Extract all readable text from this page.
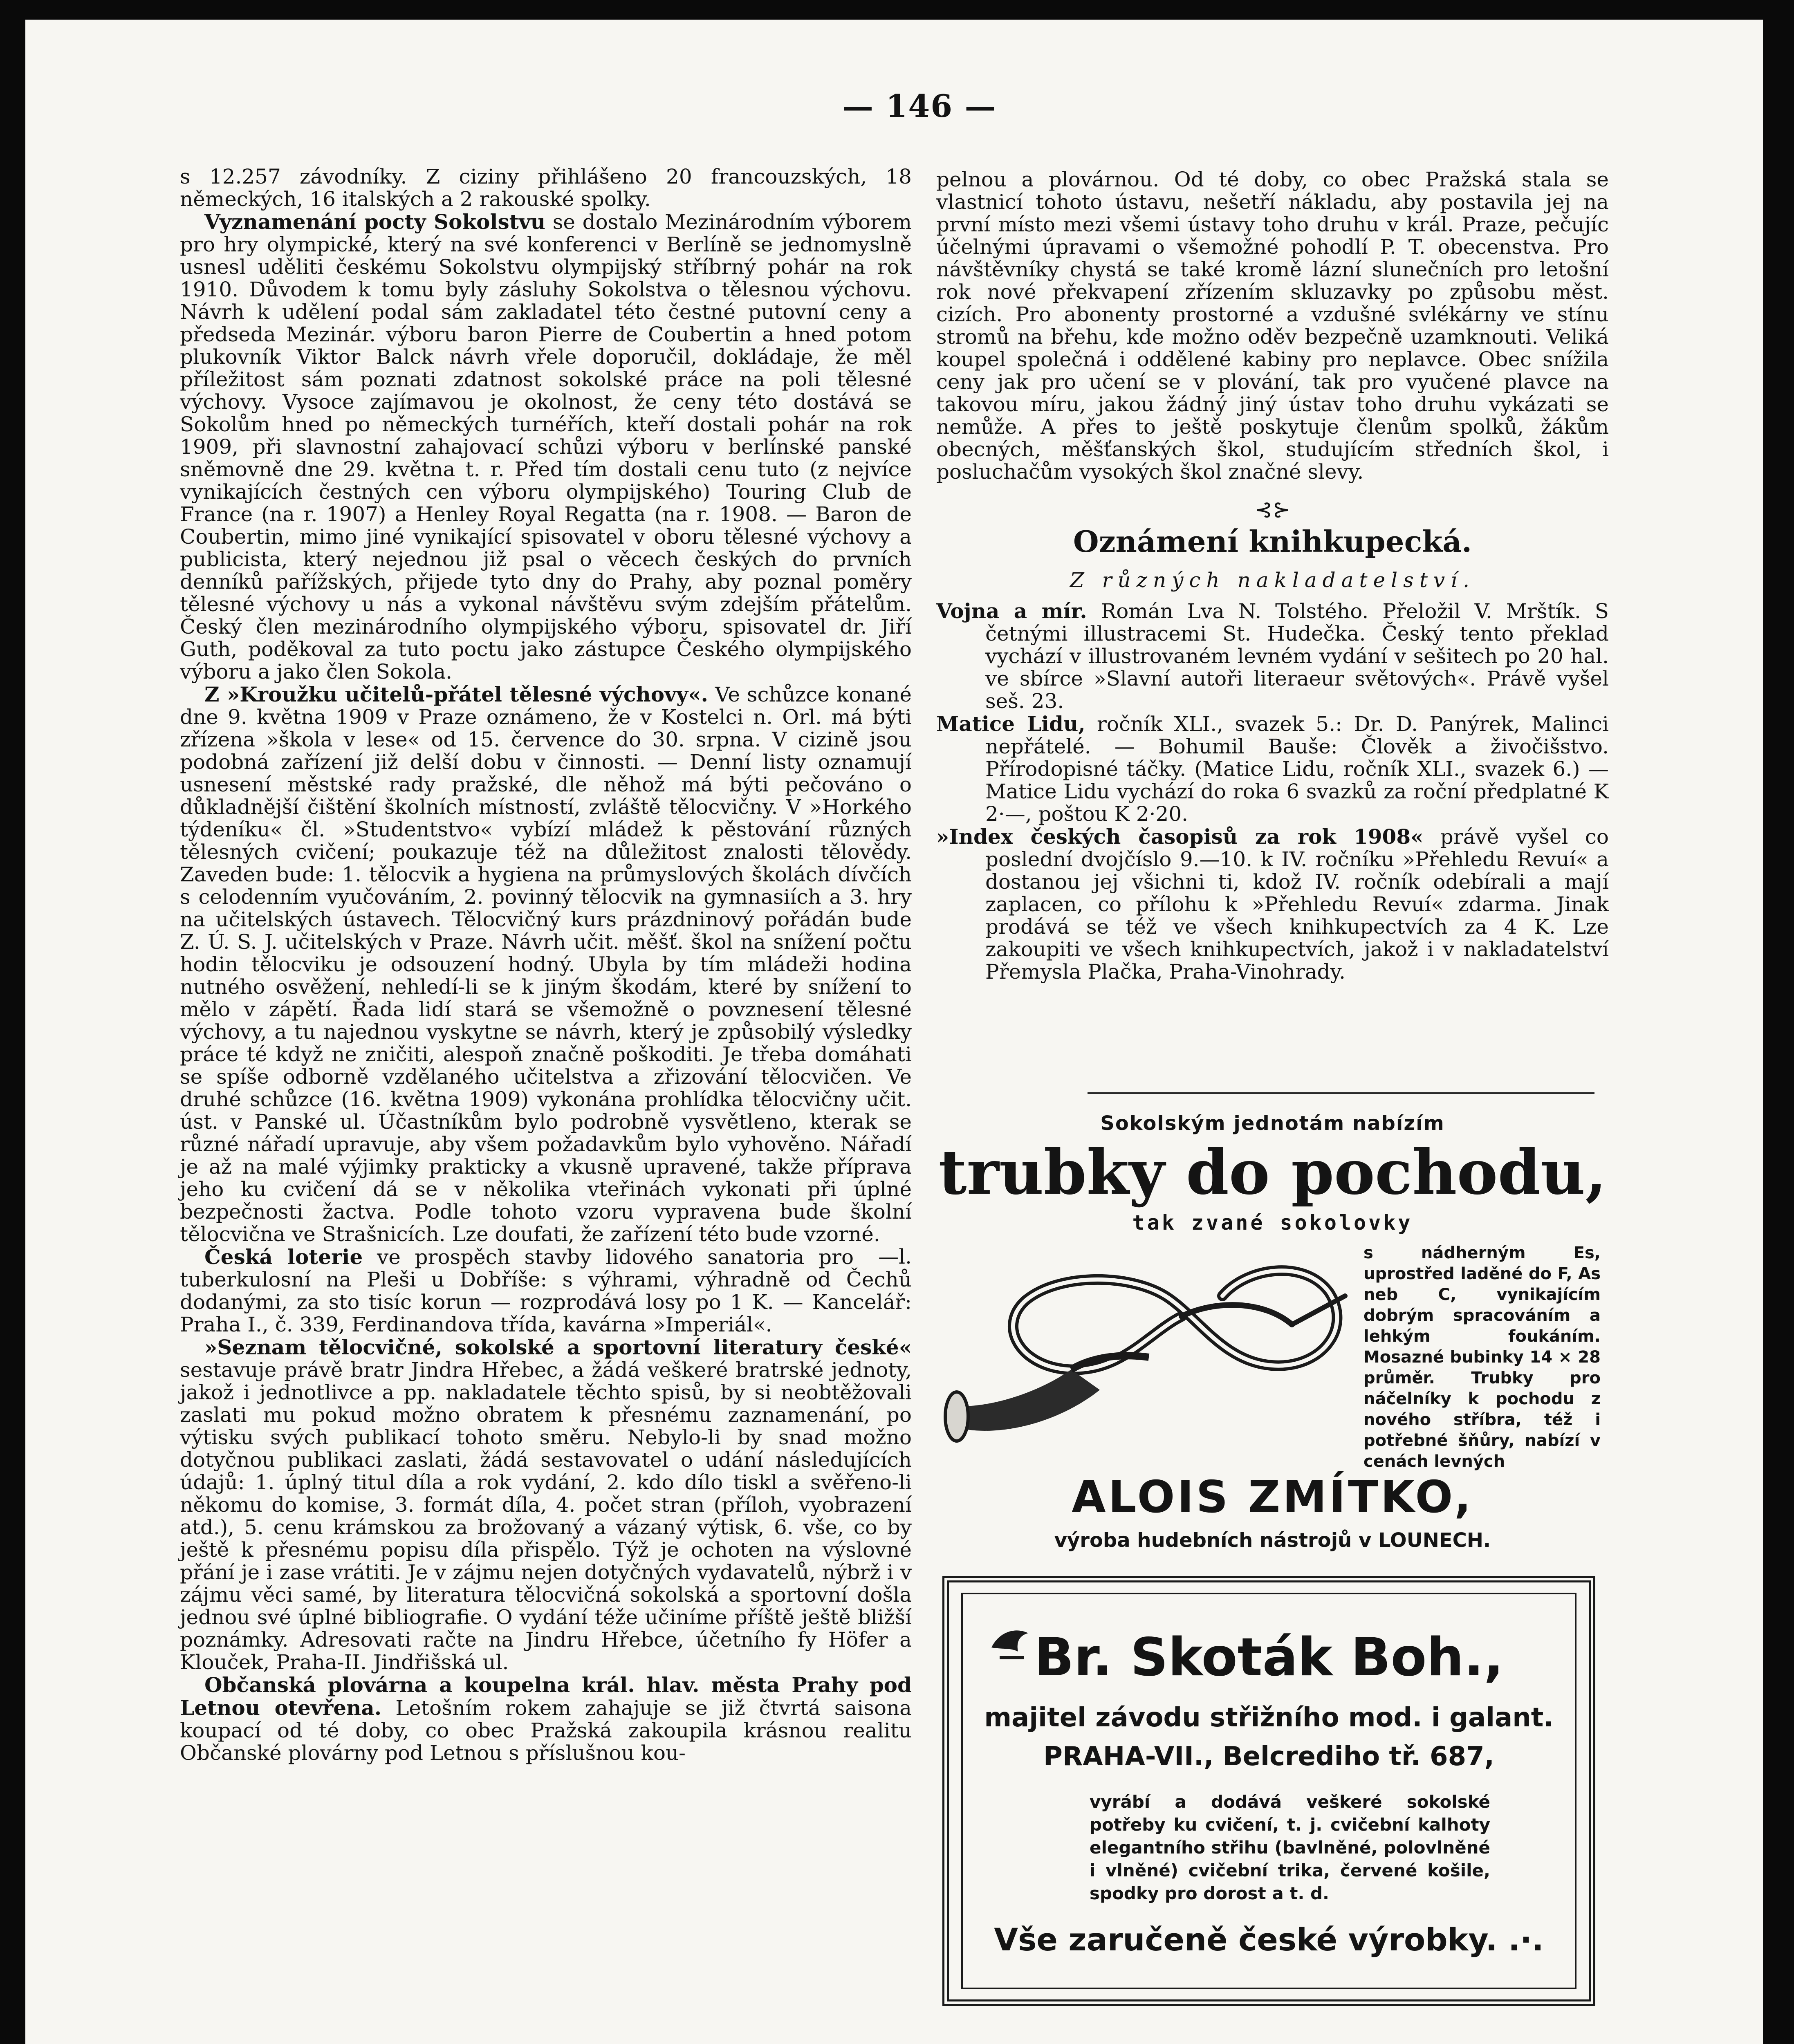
— 146 —

s 12.257 závodníky. Z ciziny přihlášeno 20 francouzských, 18 německých, 16 italských a 2 rakouské spolky.

Vyznamenání pocty Sokolstvu se dostalo Mezinárodním výborem pro hry olympické, který na své konferenci v Berlíně se jednomyslně usnesl uděliti českému Sokolstvu olympijský stříbrný pohár na rok 1910. Důvodem k tomu byly zásluhy Sokolstva o tělesnou výchovu. Návrh k udělení podal sám zakladatel této čestné putovní ceny a předseda Mezinár. výboru baron Pierre de Coubertin a hned potom plukovník Viktor Balck návrh vřele doporučil, dokládaje, že měl příležitost sám poznati zdatnost sokolské práce na poli tělesné výchovy. Vysoce zajímavou je okolnost, že ceny této dostává se Sokolům hned po německých turnéřích, kteří dostali pohár na rok 1909, při slavnostní zahajovací schůzi výboru v berlínské panské sněmovně dne 29. května t. r. Před tím dostali cenu tuto (z nejvíce vynikajících čestných cen výboru olympijského) Touring Club de France (na r. 1907) a Henley Royal Regatta (na r. 1908. — Baron de Coubertin, mimo jiné vynikající spisovatel v oboru tělesné výchovy a publicista, který nejednou již psal o věcech českých do prvních denníků pařížských, přijede tyto dny do Prahy, aby poznal poměry tělesné výchovy u nás a vykonal návštěvu svým zdejším přátelům. Český člen mezinárodního olympijského výboru, spisovatel dr. Jiří Guth, poděkoval za tuto poctu jako zástupce Českého olympijského výboru a jako člen Sokola.

Z »Kroužku učitelů-přátel tělesné výchovy«. Ve schůzce konané dne 9. května 1909 v Praze oznámeno, že v Kostelci n. Orl. má býti zřízena »škola v lese« od 15. července do 30. srpna. V cizině jsou podobná zařízení již delší dobu v činnosti. — Denní listy oznamují usnesení městské rady pražské, dle něhož má býti pečováno o důkladnější čištění školních místností, zvláště tělocvičny. V »Horkého týdeníku« čl. »Studentstvo« vybízí mládež k pěstování různých tělesných cvičení; poukazuje též na důležitost znalosti tělovědy. Zaveden bude: 1. tělocvik a hygiena na průmyslových školách dívčích s celodenním vyučováním, 2. povinný tělocvik na gymnasiích a 3. hry na učitelských ústavech. Tělocvičný kurs prázdninový pořádán bude Z. Ú. S. J. učitelských v Praze. Návrh učit. měšť. škol na snížení počtu hodin tělocviku je odsouzení hodný. Ubyla by tím mládeži hodina nutného osvěžení, nehledí-li se k jiným škodám, které by snížení to mělo v zápětí. Řada lidí stará se všemožně o povznesení tělesné výchovy, a tu najednou vyskytne se návrh, který je způsobilý výsledky práce té když ne zničiti, alespoň značně poškoditi. Je třeba domáhati se spíše odborně vzdělaného učitelstva a zřizování tělocvičen. Ve druhé schůzce (16. května 1909) vykonána prohlídka tělocvičny učit. úst. v Panské ul. Účastníkům bylo podrobně vysvětleno, kterak se různé nářadí upravuje, aby všem požadavkům bylo vyhověno. Nářadí je až na malé výjimky prakticky a vkusně upravené, takže příprava jeho ku cvičení dá se v několika vteřinách vykonati při úplné bezpečnosti žactva. Podle tohoto vzoru vypravena bude školní tělocvična ve Strašnicích. Lze doufati, že zařízení této bude vzorné.
—l.

Česká loterie ve prospěch stavby lidového sanatoria pro tuberkulosní na Pleši u Dobříše: s výhrami, výhradně od Čechů dodanými, za sto tisíc korun — rozprodává losy po 1 K. — Kancelář: Praha I., č. 339, Ferdinandova třída, kavárna »Imperiál«.

»Seznam tělocvičné, sokolské a sportovní literatury české« sestavuje právě bratr Jindra Hřebec, a žádá veškeré bratrské jednoty, jakož i jednotlivce a pp. nakladatele těchto spisů, by si neobtěžovali zaslati mu pokud možno obratem k přesnému zaznamenání, po výtisku svých publikací tohoto směru. Nebylo-li by snad možno dotyčnou publikaci zaslati, žádá sestavovatel o udání následujících údajů: 1. úplný titul díla a rok vydání, 2. kdo dílo tiskl a svěřeno-li někomu do komise, 3. formát díla, 4. počet stran (příloh, vyobrazení atd.), 5. cenu krámskou za brožovaný a vázaný výtisk, 6. vše, co by ještě k přesnému popisu díla přispělo. Týž je ochoten na výslovné přání je i zase vrátiti. Je v zájmu nejen dotyčných vydavatelů, nýbrž i v zájmu věci samé, by literatura tělocvičná sokolská a sportovní došla jednou své úplné bibliografie. O vydání téže učiníme příště ještě bližší poznámky. Adresovati račte na Jindru Hřebce, účetního fy Höfer a Klouček, Praha-II. Jindřišská ul.

Občanská plovárna a koupelna král. hlav. města Prahy pod Letnou otevřena. Letošním rokem zahajuje se již čtvrtá saisona koupací od té doby, co obec Pražská zakoupila krásnou realitu Občanské plovárny pod Letnou s příslušnou kou-

pelnou a plovárnou. Od té doby, co obec Pražská stala se vlastnicí tohoto ústavu, nešetří nákladu, aby postavila jej na první místo mezi všemi ústavy toho druhu v král. Praze, pečujíc účelnými úpravami o všemožné pohodlí P. T. obecenstva. Pro návštěvníky chystá se také kromě lázní slunečních pro letošní rok nové překvapení zřízením skluzavky po způsobu měst. cizích. Pro abonenty prostorné a vzdušné svlékárny ve stínu stromů na břehu, kde možno oděv bezpečně uzamknouti. Veliká koupel společná i oddělené kabiny pro neplavce. Obec snížila ceny jak pro učení se v plování, tak pro vyučené plavce na takovou míru, jakou žádný jiný ústav toho druhu vykázati se nemůže. A přes to ještě poskytuje členům spolků, žákům obecných, měšťanských škol, studujícím středních škol, i posluchačům vysokých škol značné slevy.

⊰⊱
Oznámení knihkupecká.
Z různých nakladatelství.

Vojna a mír. Román Lva N. Tolstého. Přeložil V. Mrštík. S četnými illustracemi St. Hudečka. Český tento překlad vychází v illustrovaném levném vydání v sešitech po 20 hal. ve sbírce »Slavní autoři literaeur světových«. Právě vyšel seš. 23.

Matice Lidu, ročník XLI., svazek 5.: Dr. D. Panýrek, Malinci nepřátelé. — Bohumil Bauše: Člověk a živočišstvo. Přírodopisné táčky. (Matice Lidu, ročník XLI., svazek 6.) — Matice Lidu vychází do roka 6 svazků za roční předplatné K 2·—, poštou K 2·20.

»Index českých časopisů za rok 1908« právě vyšel co poslední dvojčíslo 9.—10. k IV. ročníku »Přehledu Revuí« a dostanou jej všichni ti, kdož IV. ročník odebírali a mají zaplacen, co přílohu k »Přehledu Revuí« zdarma. Jinak prodává se též ve všech knihkupectvích za 4 K. Lze zakoupiti ve všech knihkupectvích, jakož i v nakladatelství Přemysla Plačka, Praha-Vinohrady.

Sokolským jednotám nabízím
trubky do pochodu,
tak zvané sokolovky
s nádherným Es, uprostřed laděné do F, As neb C, vynikajícím dobrým spracováním a lehkým foukáním. Mosazné bubinky 14 × 28 průměr. Trubky pro náčelníky k pochodu z nového stříbra, též i potřebné šňůry, nabízí v cenách levných
ALOIS ZMÍTKO,
výroba hudebních nástrojů v LOUNECH.
Br. Skoták Boh.,
majitel závodu střižního mod. i galant.
PRAHA-VII., Belcrediho tř. 687,
vyrábí a dodává veškeré sokolské potřeby ku cvičení, t. j. cvičební kalhoty elegantního střihu (bavlněné, polovlněné i vlněné) cvičební trika, červené košile, spodky pro dorost a t. d.
Vše zaručeně české výrobky. .·.
